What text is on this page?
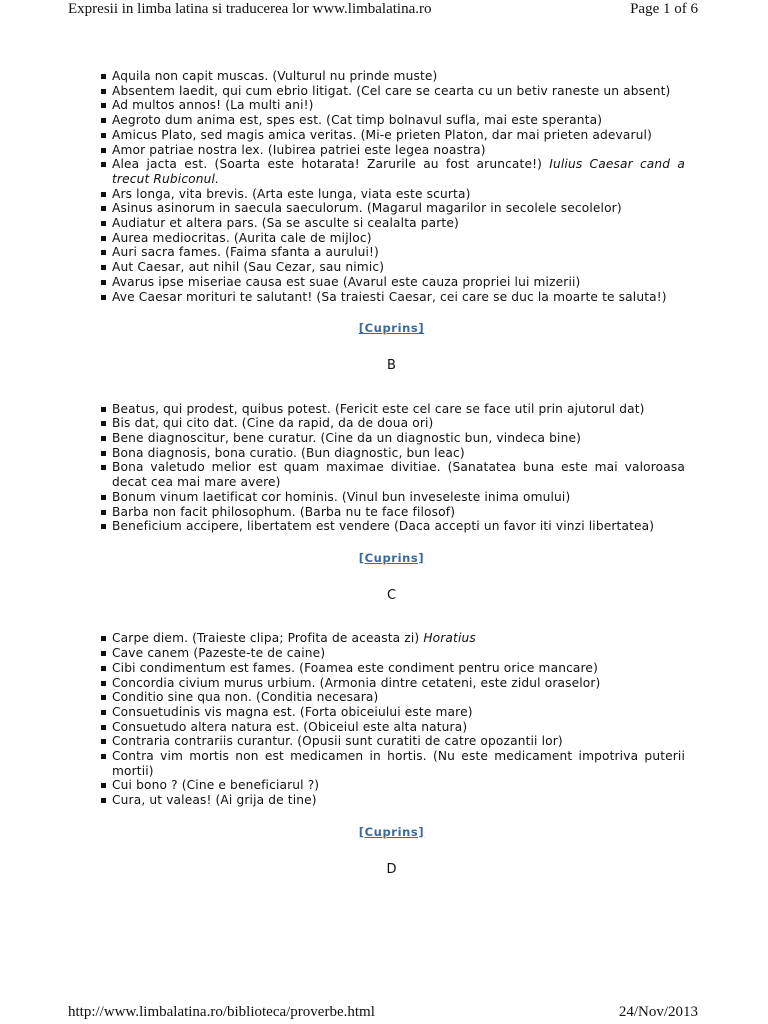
Expresii in limba latina si traducerea lor www.limbalatina.ro	Page 1 of 6
Aquila non capit muscas. (Vulturul nu prinde muste)
Absentem laedit, qui cum ebrio litigat. (Cel care se cearta cu un betiv raneste un absent)
Ad multos annos! (La multi ani!)
Aegroto dum anima est, spes est. (Cat timp bolnavul sufla, mai este speranta)
Amicus Plato, sed magis amica veritas. (Mi-e prieten Platon, dar mai prieten adevarul)
Amor patriae nostra lex. (Iubirea patriei este legea noastra)
Alea jacta est. (Soarta este hotarata! Zarurile au fost aruncate!) Iulius Caesar cand a trecut Rubiconul.
Ars longa, vita brevis. (Arta este lunga, viata este scurta)
Asinus asinorum in saecula saeculorum. (Magarul magarilor in secolele secolelor)
Audiatur et altera pars. (Sa se asculte si cealalta parte)
Aurea mediocritas. (Aurita cale de mijloc)
Auri sacra fames. (Faima sfanta a aurului!)
Aut Caesar, aut nihil (Sau Cezar, sau nimic)
Avarus ipse miseriae causa est suae (Avarul este cauza propriei lui mizerii)
Ave Caesar morituri te salutant! (Sa traiesti Caesar, cei care se duc la moarte te saluta!)
[Cuprins]
B
Beatus, qui prodest, quibus potest. (Fericit este cel care se face util prin ajutorul dat)
Bis dat, qui cito dat. (Cine da rapid, da de doua ori)
Bene diagnoscitur, bene curatur. (Cine da un diagnostic bun, vindeca bine)
Bona diagnosis, bona curatio. (Bun diagnostic, bun leac)
Bona valetudo melior est quam maximae divitiae. (Sanatatea buna este mai valoroasa decat cea mai mare avere)
Bonum vinum laetificat cor hominis. (Vinul bun inveseleste inima omului)
Barba non facit philosophum. (Barba nu te face filosof)
Beneficium accipere, libertatem est vendere (Daca accepti un favor iti vinzi libertatea)
[Cuprins]
C
Carpe diem. (Traieste clipa; Profita de aceasta zi) Horatius
Cave canem (Pazeste-te de caine)
Cibi condimentum est fames. (Foamea este condiment pentru orice mancare)
Concordia civium murus urbium. (Armonia dintre cetateni, este zidul oraselor)
Conditio sine qua non. (Conditia necesara)
Consuetudinis vis magna est. (Forta obiceiului este mare)
Consuetudo altera natura est. (Obiceiul este alta natura)
Contraria contrariis curantur. (Opusii sunt curatiti de catre opozantii lor)
Contra vim mortis non est medicamen in hortis. (Nu este medicament impotriva puterii mortii)
Cui bono ? (Cine e beneficiarul ?)
Cura, ut valeas! (Ai grija de tine)
[Cuprins]
D
http://www.limbalatina.ro/biblioteca/proverbe.html	24/Nov/2013
